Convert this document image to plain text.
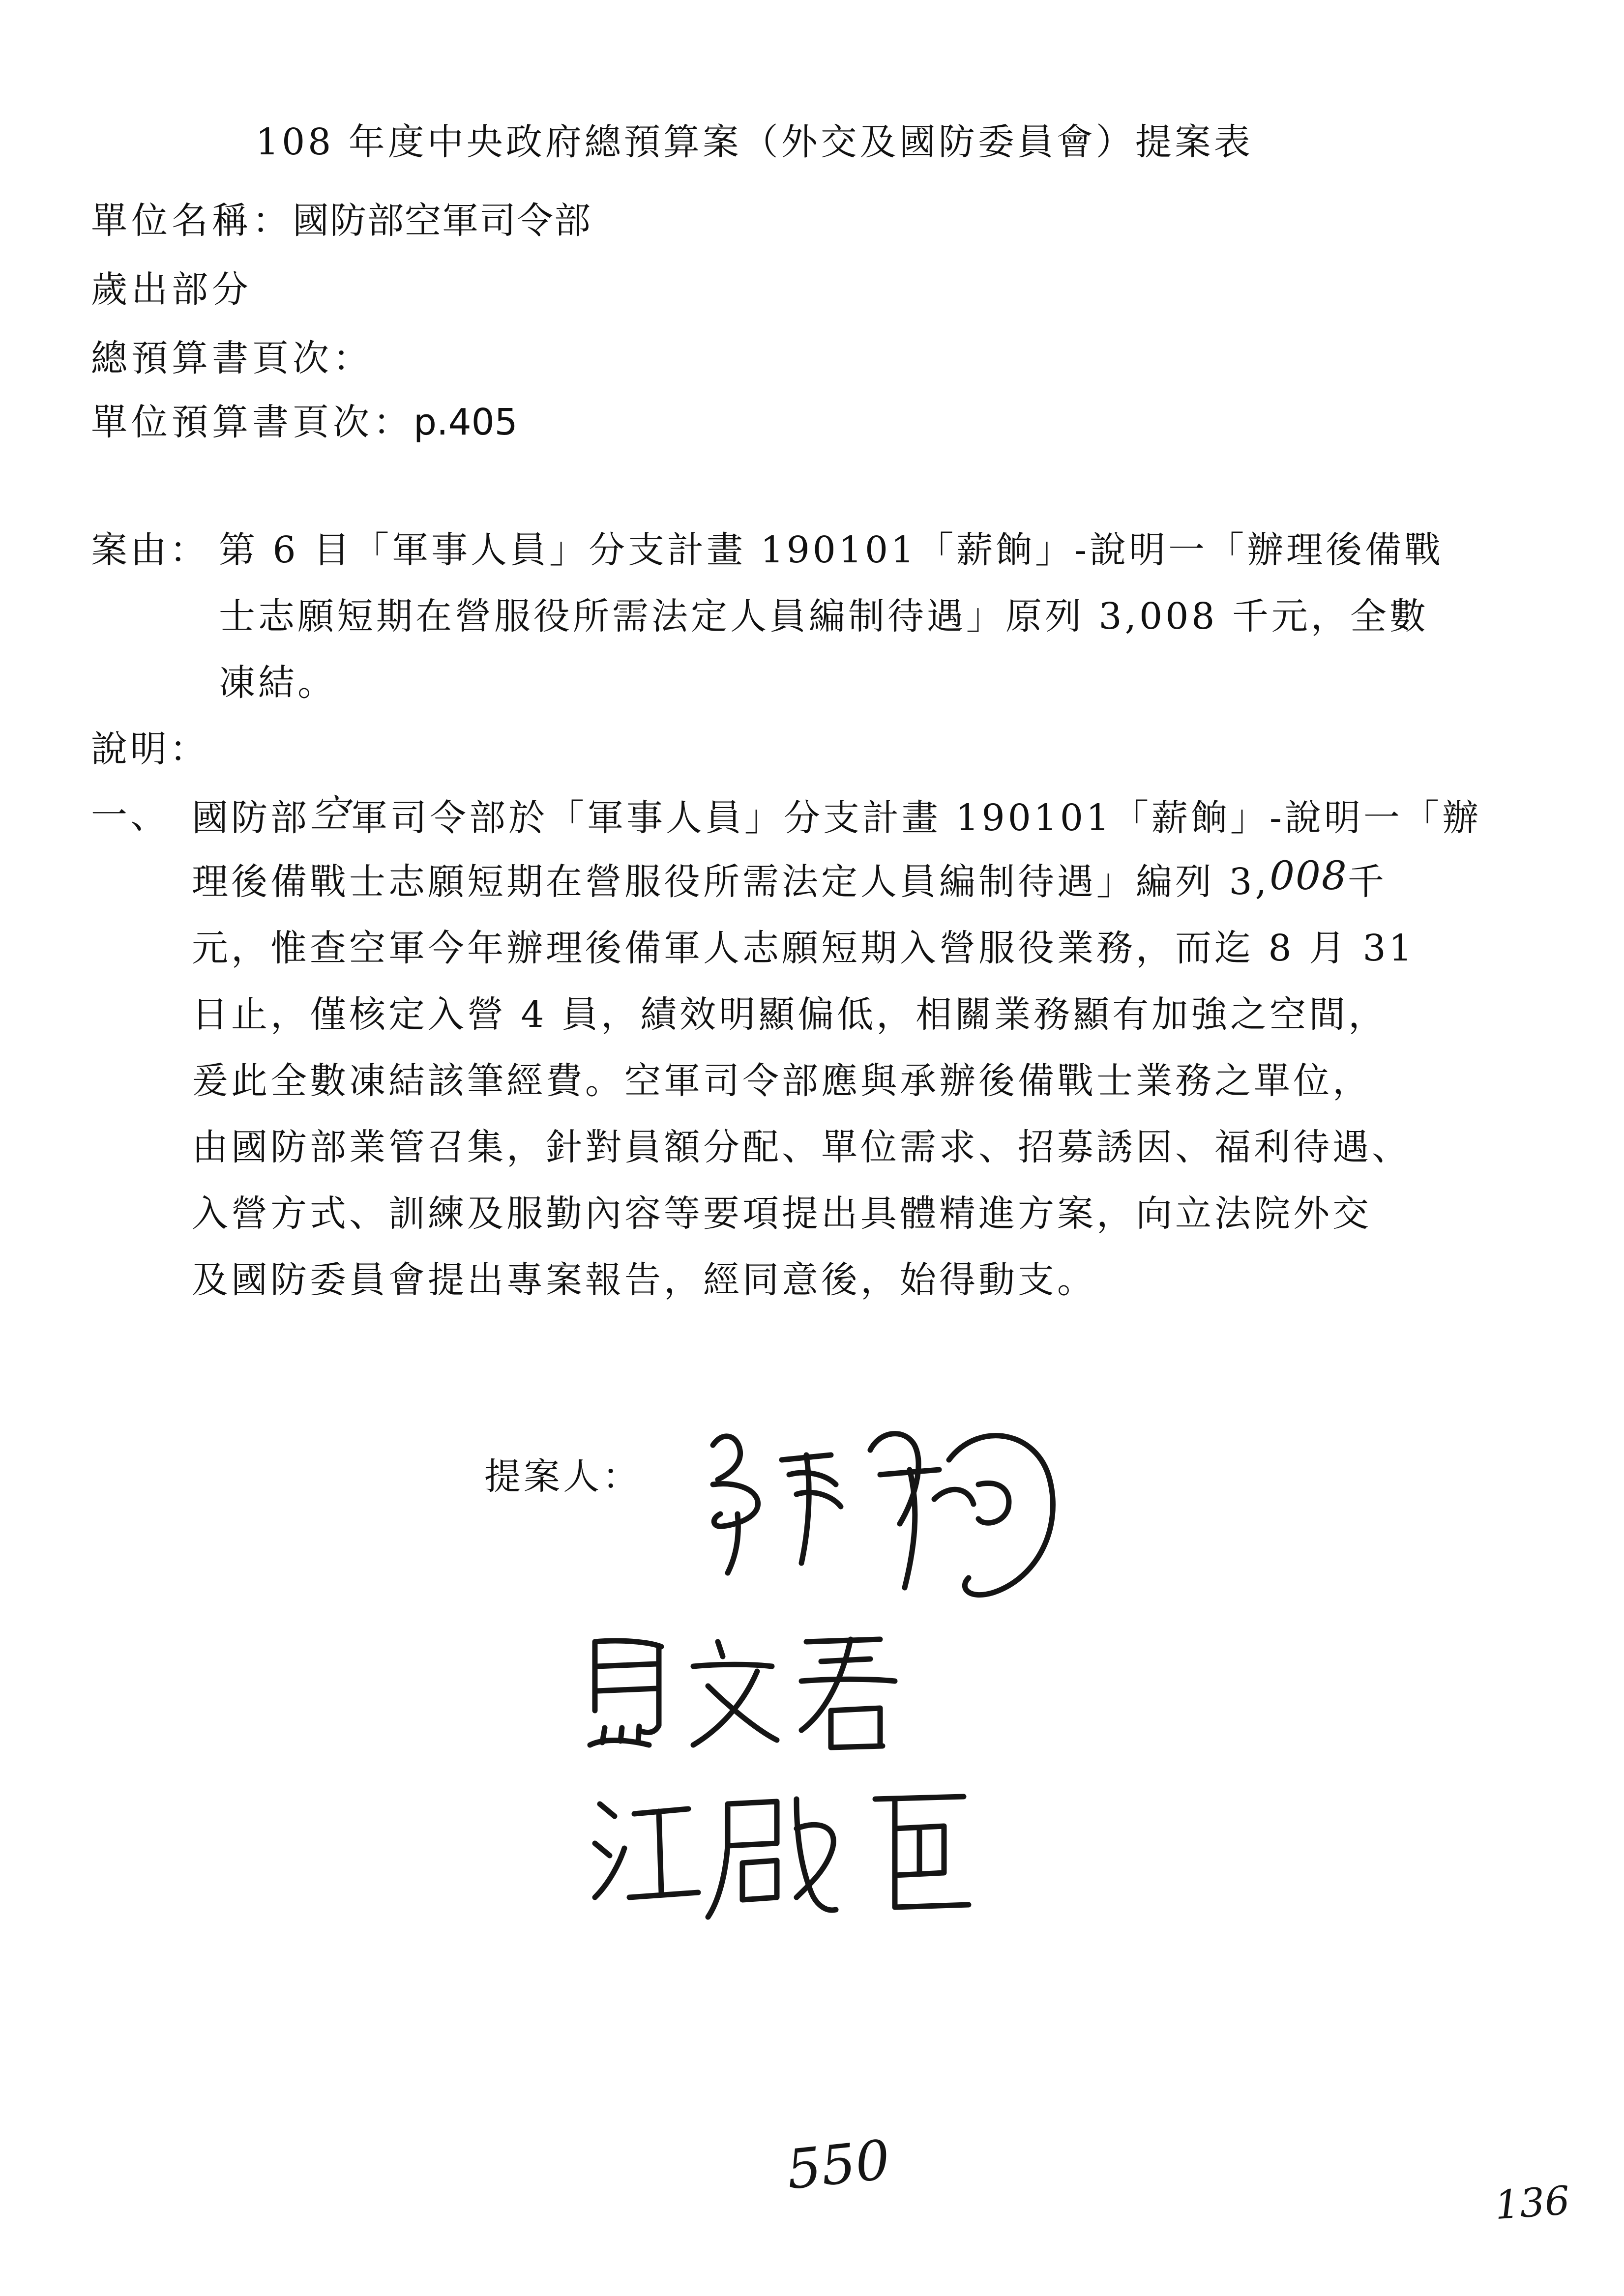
108 年度中央政府總預算案（外交及國防委員會）提案表
單位名稱：國防部空軍司令部
歲出部分
總預算書頁次：
單位預算書頁次：p.405
案由： 第 6 目「軍事人員」分支計畫 190101「薪餉」-說明一「辦理後備戰
士志願短期在營服役所需法定人員編制待遇」原列 3,008 千元，全數
凍結。
說明：
一、 國防部空軍司令部於「軍事人員」分支計畫 190101「薪餉」-說明一「辦
理後備戰士志願短期在營服役所需法定人員編制待遇」編列 3,008千
元，惟查空軍今年辦理後備軍人志願短期入營服役業務，而迄 8 月 31
日止，僅核定入營 4 員，績效明顯偏低，相關業務顯有加強之空間，
爰此全數凍結該筆經費。空軍司令部應與承辦後備戰士業務之單位，
由國防部業管召集，針對員額分配、單位需求、招募誘因、福利待遇、
入營方式、訓練及服勤內容等要項提出具體精進方案，向立法院外交
及國防委員會提出專案報告，經同意後，始得動支。
提案人：
550
136
